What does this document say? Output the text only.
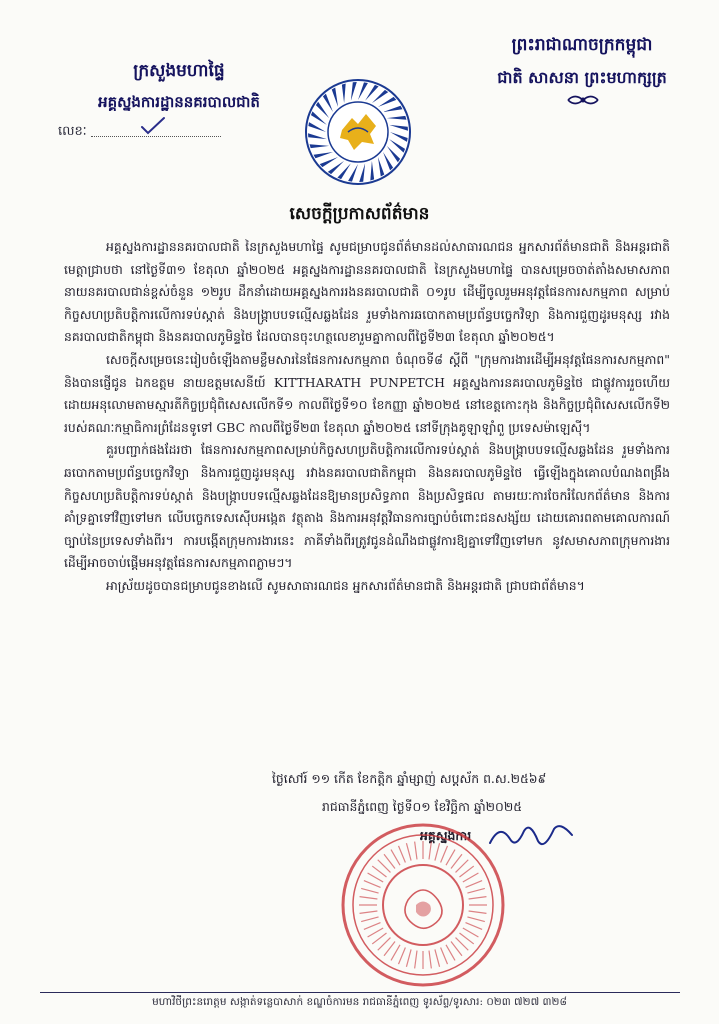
ក្រសួងមហាផ្ទៃ
អគ្គស្នងការដ្ឋាននគរបាលជាតិ
លេខៈ
ព្រះរាជាណាចក្រកម្ពុជា
ជាតិ សាសនា ព្រះមហាក្សត្រ
សេចក្ដីប្រកាសព័ត៌មាន

អគ្គស្នងការដ្ឋាននគរបាលជាតិ នៃក្រសួងមហាផ្ទៃ សូមជម្រាបជូនព័ត៌មានដល់សាធារណជន អ្នកសារព័ត៌មានជាតិ និងអន្តរជាតិមេត្តាជ្រាបថា នៅថ្ងៃទី៣១ ខែតុលា ឆ្នាំ២០២៥ អគ្គស្នងការដ្ឋាននគរបាលជាតិ នៃក្រសួងមហាផ្ទៃ បានសម្រេចចាត់តាំងសមាសភាពនាយនគរបាលជាន់ខ្ពស់ចំនួន ១២រូប ដឹកនាំដោយអគ្គស្នងការរងនគរបាលជាតិ ០១រូប ដើម្បីចូលរួមអនុវត្តផែនការសកម្មភាព សម្រាប់កិច្ចសហប្រតិបត្តិការលើការទប់ស្កាត់ និងបង្ក្រាបបទល្មើសឆ្លងដែន រួមទាំងការឆបោកតាមប្រព័ន្ធបច្ចេកវិទ្យា និងការជួញដូរមនុស្ស រវាងនគរបាលជាតិកម្ពុជា និងនគរបាលភូមិន្ទថៃ ដែលបានចុះហត្ថលេខារួមគ្នាកាលពីថ្ងៃទី២៣ ខែតុលា ឆ្នាំ២០២៥។

សេចក្ដីសម្រេចនេះរៀបចំឡើងតាមខ្លឹមសារនៃផែនការសកម្មភាព ចំណុចទី៨ ស្ដីពី "ក្រុមការងារដើម្បីអនុវត្តផែនការសកម្មភាព" និងបានផ្ញើជូន ឯកឧត្តម នាយឧត្តមសេនីយ៍ KITTHARATH PUNPETCH អគ្គស្នងការនគរបាលភូមិន្ទថៃ ជាផ្លូវការរួចហើយ ដោយអនុលោមតាមស្មារតីកិច្ចប្រជុំពិសេសលើកទី១ កាលពីថ្ងៃទី១០ ខែកញ្ញា ឆ្នាំ២០២៥ នៅខេត្តកោះកុង និងកិច្ចប្រជុំពិសេសលើកទី២ របស់គណៈកម្មាធិការព្រំដែនទូទៅ GBC កាលពីថ្ងៃទី២៣ ខែតុលា ឆ្នាំ២០២៥ នៅទីក្រុងគូឡាឡាំពួ ប្រទេសម៉ាឡេស៊ី។

គួរបញ្ជាក់ផងដែរថា ផែនការសកម្មភាពសម្រាប់កិច្ចសហប្រតិបត្តិការលើការទប់ស្កាត់ និងបង្ក្រាបបទល្មើសឆ្លងដែន រួមទាំងការឆបោកតាមប្រព័ន្ធបច្ចេកវិទ្យា និងការជួញដូរមនុស្ស រវាងនគរបាលជាតិកម្ពុជា និងនគរបាលភូមិន្ទថៃ ធ្វើឡើងក្នុងគោលបំណងពង្រឹងកិច្ចសហប្រតិបត្តិការទប់ស្កាត់ និងបង្ក្រាបបទល្មើសឆ្លងដែនឱ្យមានប្រសិទ្ធភាព និងប្រសិទ្ធផល តាមរយៈការចែករំលែកព័ត៌មាន និងការគាំទ្រគ្នាទៅវិញទៅមក លើបច្ចេកទេសស៊ើបអង្កេត វត្ថុតាង និងការអនុវត្តវិធានការច្បាប់ចំពោះជនសង្ស័យ ដោយគោរពតាមគោលការណ៍ច្បាប់នៃប្រទេសទាំងពីរ។ ការបង្កើតក្រុមការងារនេះ ភាគីទាំងពីរត្រូវជូនដំណឹងជាផ្លូវការឱ្យគ្នាទៅវិញទៅមក នូវសមាសភាពក្រុមការងារ ដើម្បីអាចចាប់ផ្ដើមអនុវត្តផែនការសកម្មភាពភ្លាមៗ។

អាស្រ័យដូចបានជម្រាបជូនខាងលើ សូមសាធារណជន អ្នកសារព័ត៌មានជាតិ និងអន្តរជាតិ ជ្រាបជាព័ត៌មាន។

ថ្ងៃសៅរ៍ ១១ កើត ខែកត្ដិក ឆ្នាំម្សាញ់ សប្តស័ក ព.ស.២៥៦៩
រាជធានីភ្នំពេញ ថ្ងៃទី០១ ខែវិច្ឆិកា ឆ្នាំ២០២៥
អគ្គស្នងការ
មហាវិថីព្រះនរោត្តម សង្កាត់ទន្លេបាសាក់ ខណ្ឌចំការមន រាជធានីភ្នំពេញ ទូរស័ព្ទ/ទូរសារ: ០២៣ ៧២៧ ៣២៨
